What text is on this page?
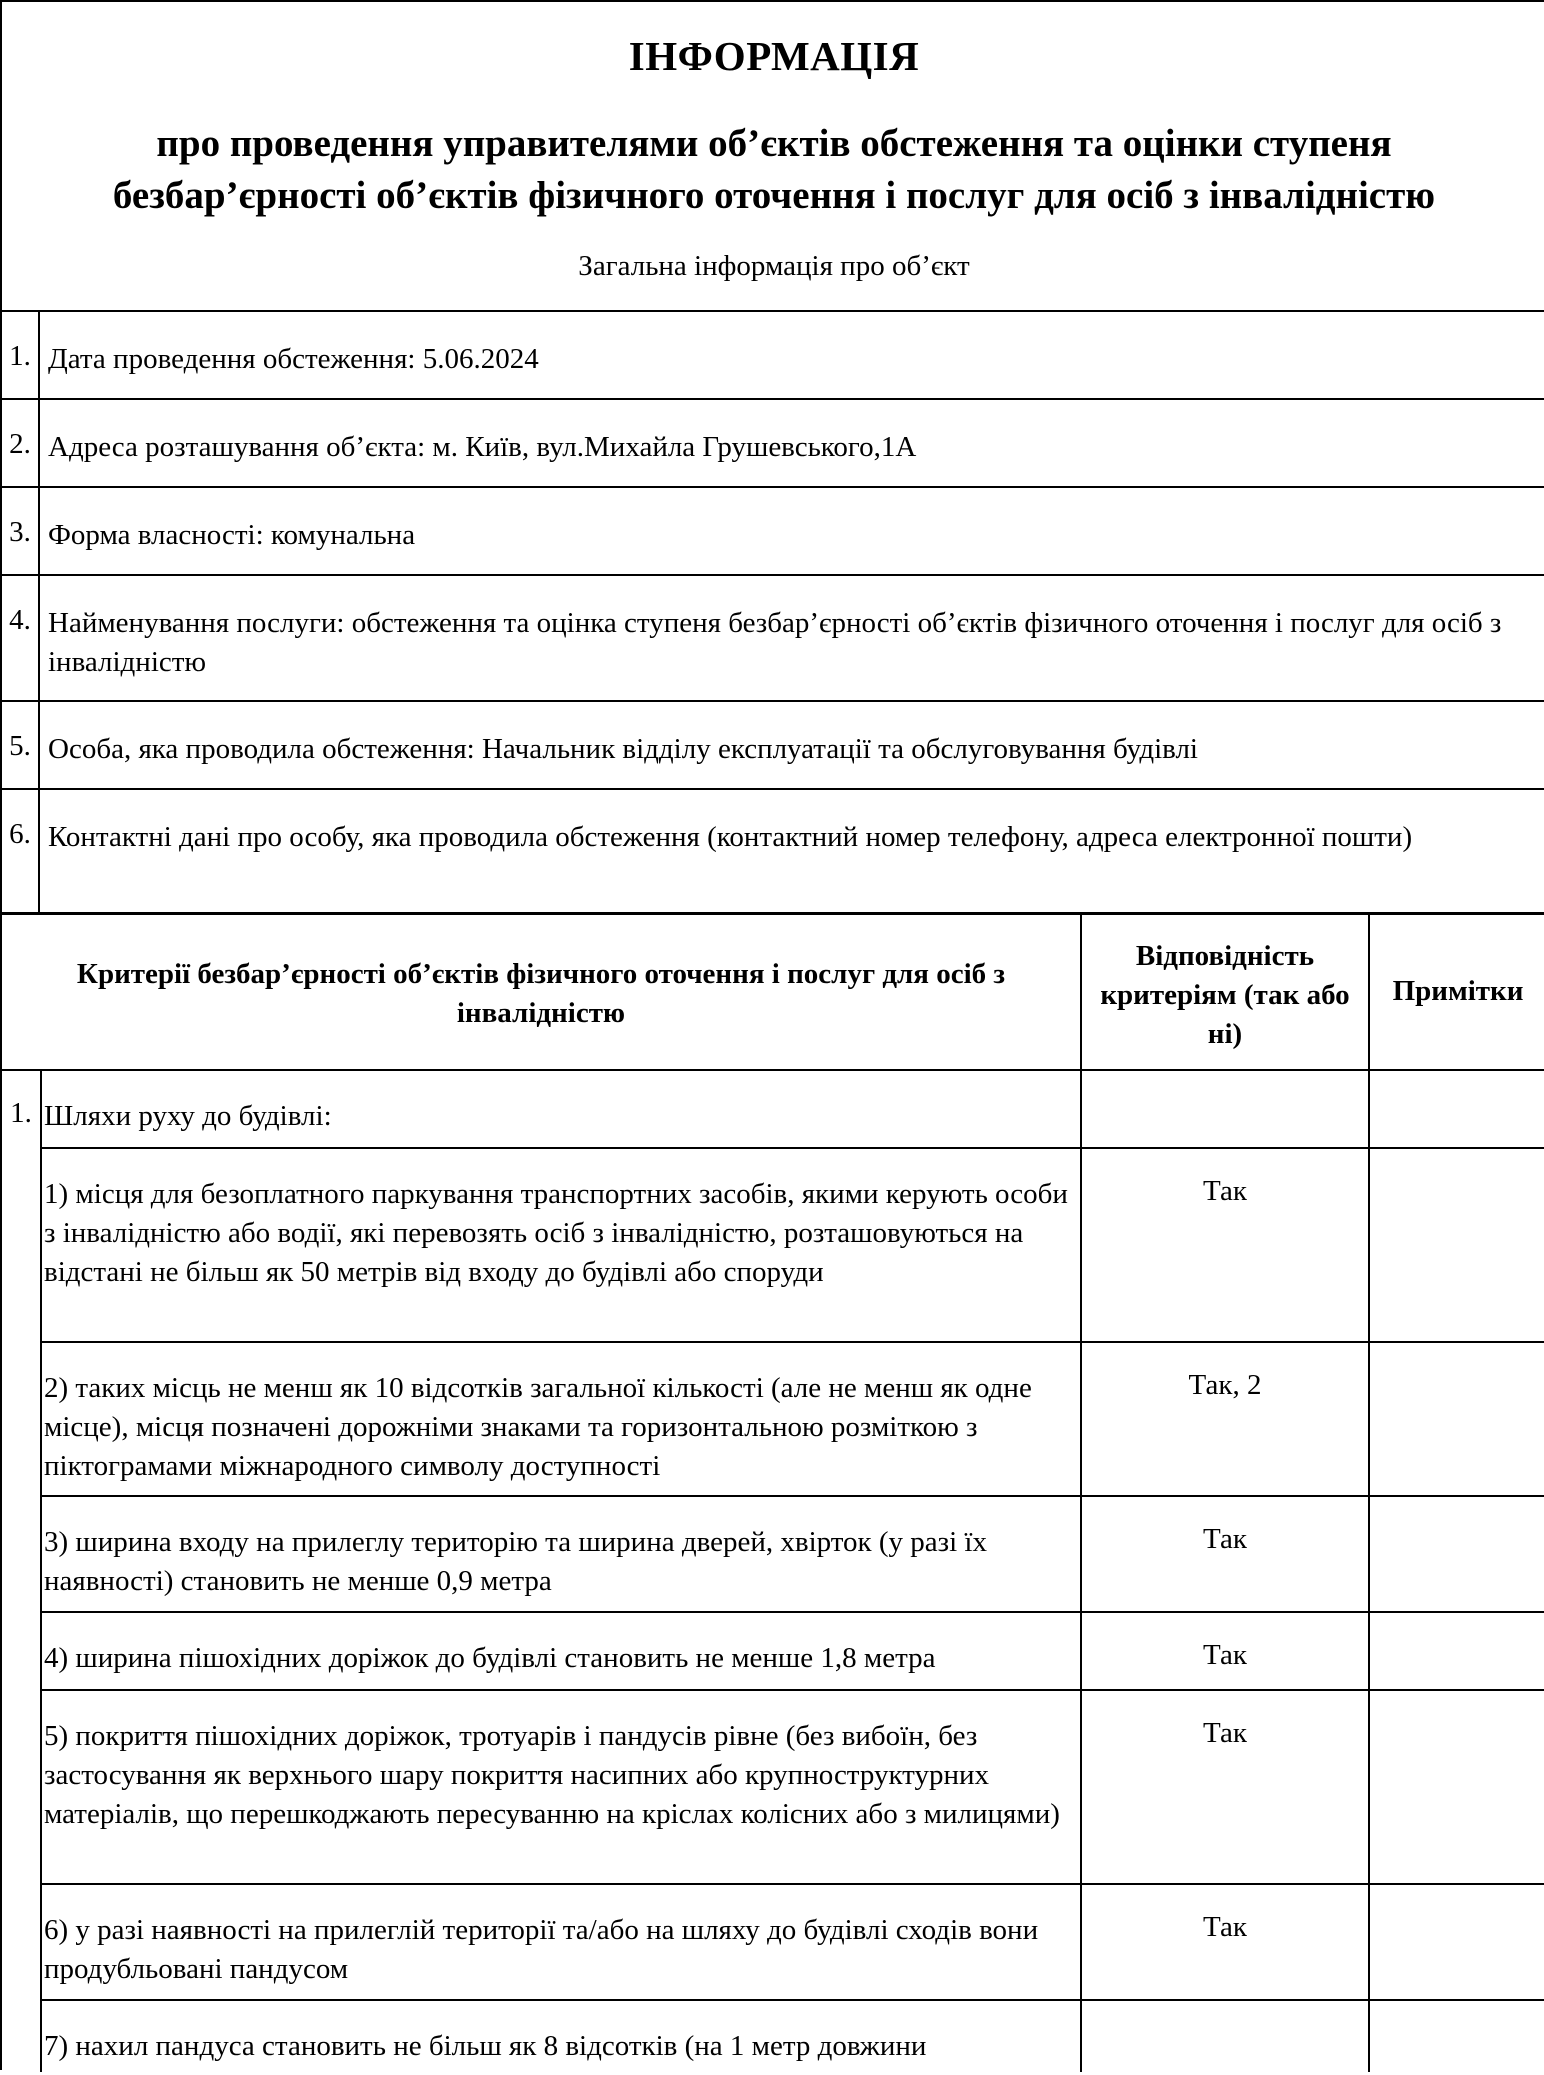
ІНФОРМАЦІЯ
про проведення управителями об’єктів обстеження та оцінки ступеня
безбар’єрності об’єктів фізичного оточення і послуг для осіб з інвалідністю
Загальна інформація про об’єкт
1. Дата проведення обстеження: 5.06.2024
2. Адреса розташування об’єкта: м. Київ, вул.Михайла Грушевського,1А
3. Форма власності: комунальна
4. Найменування послуги: обстеження та оцінка ступеня безбар’єрності об’єктів фізичного оточення і послуг для осіб з інвалідністю
5. Особа, яка проводила обстеження: Начальник відділу експлуатації та обслуговування будівлі
6. Контактні дані про особу, яка проводила обстеження (контактний номер телефону, адреса електронної пошти)
Критерії безбар’єрності об’єктів фізичного оточення і послуг для осіб з інвалідністю
Відповідність критеріям (так або ні)
Примітки
1. Шляхи руху до будівлі:
1) місця для безоплатного паркування транспортних засобів, якими керують особи з інвалідністю або водії, які перевозять осіб з інвалідністю, розташовуються на відстані не більш як 50 метрів від входу до будівлі або споруди
Так
2) таких місць не менш як 10 відсотків загальної кількості (але не менш як одне місце), місця позначені дорожніми знаками та горизонтальною розміткою з піктограмами міжнародного символу доступності
Так, 2
3) ширина входу на прилеглу територію та ширина дверей, хвірток (у разі їх наявності) становить не менше 0,9 метра
Так
4) ширина пішохідних доріжок до будівлі становить не менше 1,8 метра	Так
5) покриття пішохідних доріжок, тротуарів і пандусів рівне (без вибоїн, без застосування як верхнього шару покриття насипних або крупноструктурних матеріалів, що перешкоджають пересуванню на кріслах колісних або з милицями)
Так
6) у разі наявності на прилеглій території та/або на шляху до будівлі сходів вони продубльовані пандусом
Так
7) нахил пандуса становить не більш як 8 відсотків (на 1 метр довжини
